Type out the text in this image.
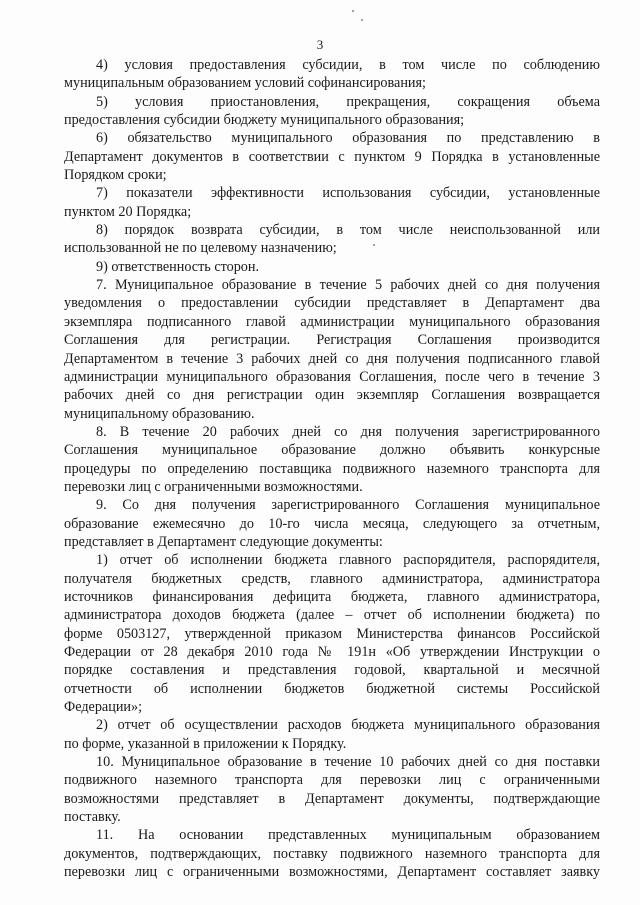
3
4) условия предоставления субсидии, в том числе по соблюдению
муниципальным образованием условий софинансирования;
5) условия приостановления, прекращения, сокращения объема
предоставления субсидии бюджету муниципального образования;
6) обязательство муниципального образования по представлению в
Департамент документов в соответствии с пунктом 9 Порядка в установленные
Порядком сроки;
7) показатели эффективности использования субсидии, установленные
пунктом 20 Порядка;
8) порядок возврата субсидии, в том числе неиспользованной или
использованной не по целевому назначению;
9) ответственность сторон.
7. Муниципальное образование в течение 5 рабочих дней со дня получения
уведомления о предоставлении субсидии представляет в Департамент два
экземпляра подписанного главой администрации муниципального образования
Соглашения для регистрации. Регистрация Соглашения производится
Департаментом в течение 3 рабочих дней со дня получения подписанного главой
администрации муниципального образования Соглашения, после чего в течение 3
рабочих дней со дня регистрации один экземпляр Соглашения возвращается
муниципальному образованию.
8. В течение 20 рабочих дней со дня получения зарегистрированного
Соглашения муниципальное образование должно объявить конкурсные
процедуры по определению поставщика подвижного наземного транспорта для
перевозки лиц с ограниченными возможностями.
9. Со дня получения зарегистрированного Соглашения муниципальное
образование ежемесячно до 10-го числа месяца, следующего за отчетным,
представляет в Департамент следующие документы:
1) отчет об исполнении бюджета главного распорядителя, распорядителя,
получателя бюджетных средств, главного администратора, администратора
источников финансирования дефицита бюджета, главного администратора,
администратора доходов бюджета (далее – отчет об исполнении бюджета) по
форме 0503127, утвержденной приказом Министерства финансов Российской
Федерации от 28 декабря 2010 года № 191н «Об утверждении Инструкции о
порядке составления и представления годовой, квартальной и месячной
отчетности об исполнении бюджетов бюджетной системы Российской
Федерации»;
2) отчет об осуществлении расходов бюджета муниципального образования
по форме, указанной в приложении к Порядку.
10. Муниципальное образование в течение 10 рабочих дней со дня поставки
подвижного наземного транспорта для перевозки лиц с ограниченными
возможностями представляет в Департамент документы, подтверждающие
поставку.
11. На основании представленных муниципальным образованием
документов, подтверждающих, поставку подвижного наземного транспорта для
перевозки лиц с ограниченными возможностями, Департамент составляет заявку
